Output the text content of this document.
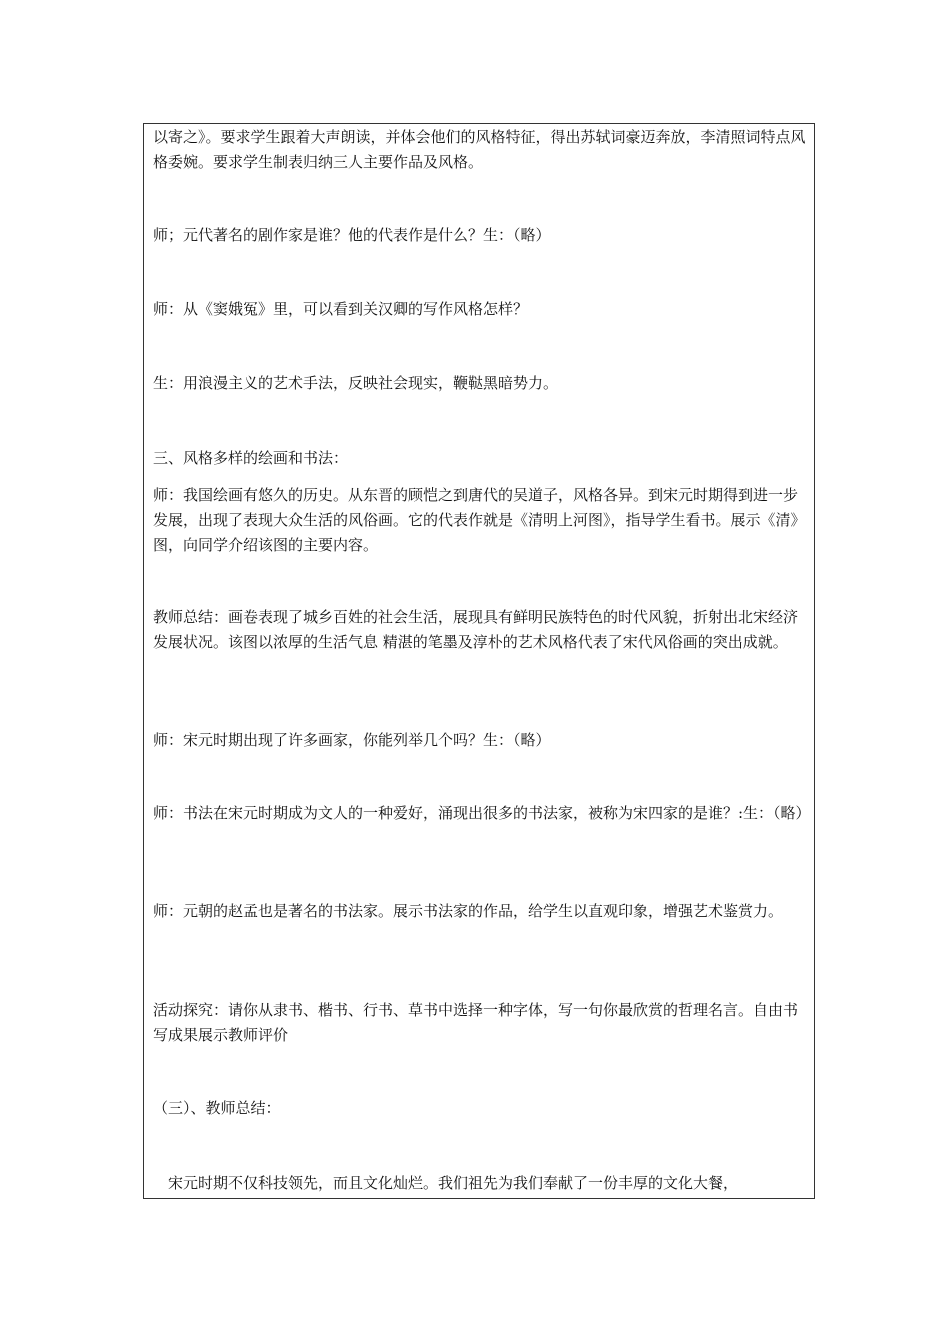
以寄之》。要求学生跟着大声朗读，并体会他们的风格特征，得出苏轼词豪迈奔放，李清照词特点风格委婉。要求学生制表归纳三人主要作品及风格。
师；元代著名的剧作家是谁？他的代表作是什么？生：（略）
师：从《窦娥冤》里，可以看到关汉卿的写作风格怎样？
生：用浪漫主义的艺术手法，反映社会现实，鞭鞑黑暗势力。
三、风格多样的绘画和书法：
师：我国绘画有悠久的历史。从东晋的顾恺之到唐代的吴道子，风格各异。到宋元时期得到进一步发展，出现了表现大众生活的风俗画。它的代表作就是《清明上河图》，指导学生看书。展示《清》图，向同学介绍该图的主要内容。
教师总结：画卷表现了城乡百姓的社会生活，展现具有鲜明民族特色的时代风貌，折射出北宋经济发展状况。该图以浓厚的生活气息 精湛的笔墨及淳朴的艺术风格代表了宋代风俗画的突出成就。
师：宋元时期出现了许多画家，你能列举几个吗？生：（略）
师：书法在宋元时期成为文人的一种爱好，涌现出很多的书法家，被称为宋四家的是谁？:生：（略）
师：元朝的赵孟也是著名的书法家。展示书法家的作品，给学生以直观印象，增强艺术鉴赏力。
活动探究：请你从隶书、楷书、行书、草书中选择一种字体，写一句你最欣赏的哲理名言。自由书写成果展示教师评价
（三）、教师总结：
　宋元时期不仅科技领先，而且文化灿烂。我们祖先为我们奉献了一份丰厚的文化大餐，
